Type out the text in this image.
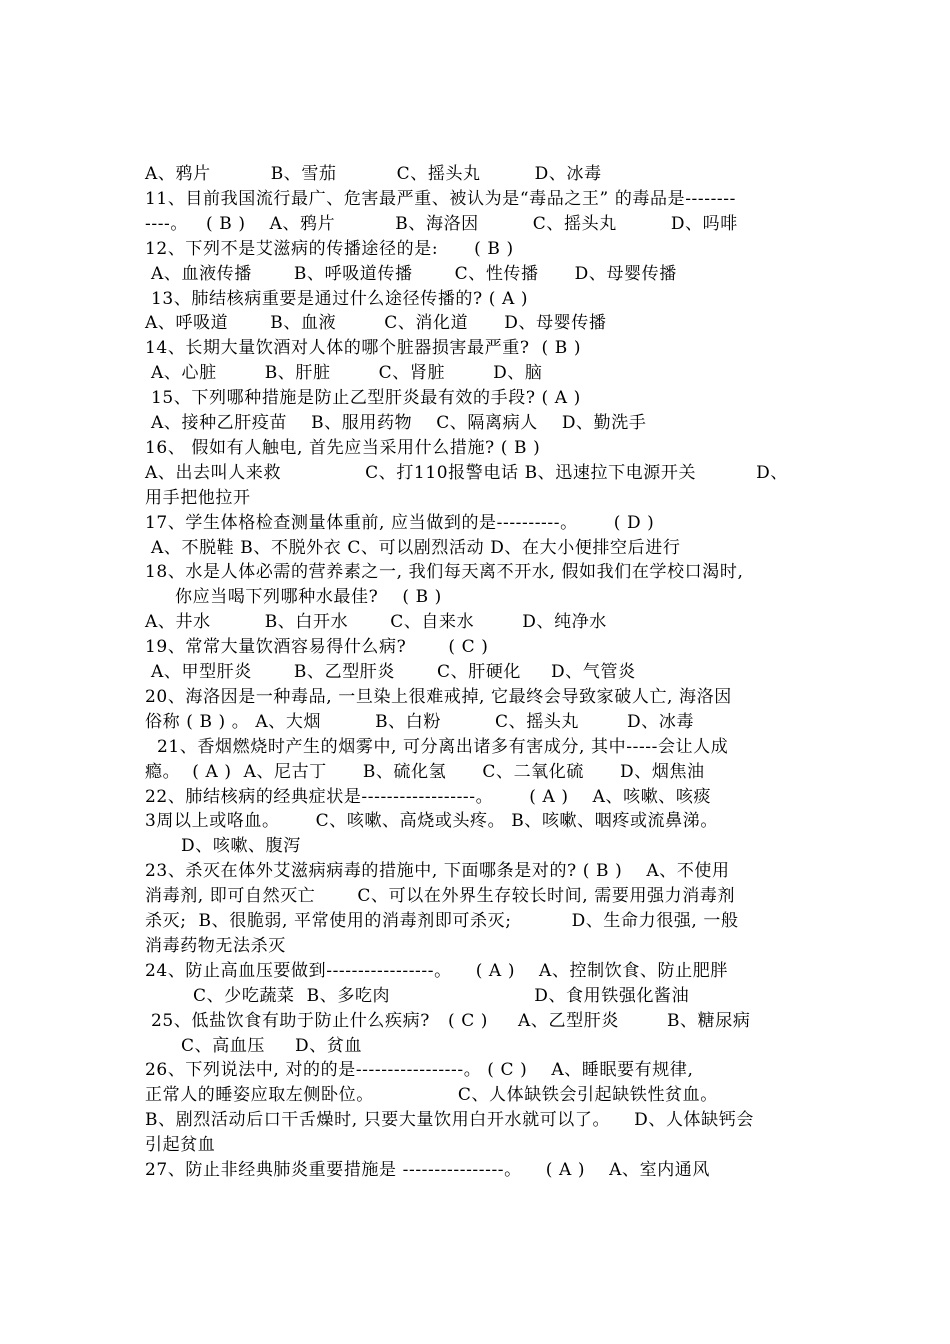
A、鸦片          B、雪茄          C、摇头丸         D、冰毒
11、目前我国流行最广、危害最严重、被认为是“毒品之王” 的毒品是--------
----。   ( B )    A、鸦片          B、海洛因         C、摇头丸         D、吗啡
12、下列不是艾滋病的传播途径的是:      ( B )
A、血液传播       B、呼吸道传播       C、性传播      D、母婴传播
13、肺结核病重要是通过什么途径传播的? ( A )
A、呼吸道       B、血液        C、消化道      D、母婴传播
14、长期大量饮酒对人体的哪个脏器损害最严重?  ( B )
A、心脏        B、肝脏        C、肾脏        D、脑
15、下列哪种措施是防止乙型肝炎最有效的手段? ( A )
A、接种乙肝疫苗    B、服用药物    C、隔离病人    D、勤洗手
16、 假如有人触电, 首先应当采用什么措施? ( B )
A、出去叫人来救              C、打110报警电话 B、迅速拉下电源开关          D、
用手把他拉开
17、学生体格检查测量体重前, 应当做到的是----------。      ( D )
A、不脱鞋 B、不脱外衣 C、可以剧烈活动 D、在大小便排空后进行
18、水是人体必需的营养素之一, 我们每天离不开水, 假如我们在学校口渴时,
你应当喝下列哪种水最佳?    ( B )
A、井水         B、白开水       C、自来水        D、纯净水
19、常常大量饮酒容易得什么病?       ( C )
A、甲型肝炎       B、乙型肝炎       C、肝硬化     D、气管炎
20、海洛因是一种毒品, 一旦染上很难戒掉, 它最终会导致家破人亡, 海洛因
俗称 ( B ) 。 A、大烟         B、白粉         C、摇头丸        D、冰毒
21、香烟燃烧时产生的烟雾中, 可分离出诸多有害成分, 其中-----会让人成
瘾。  ( A )  A、尼古丁      B、硫化氢      C、二氧化硫      D、烟焦油
22、肺结核病的经典症状是------------------。      ( A )    A、咳嗽、咳痰
3周以上或咯血。      C、咳嗽、高烧或头疼。 B、咳嗽、咽疼或流鼻涕。
D、咳嗽、腹泻
23、杀灭在体外艾滋病病毒的措施中, 下面哪条是对的? ( B )    A、不使用
消毒剂, 即可自然灭亡       C、可以在外界生存较长时间, 需要用强力消毒剂
杀灭;  B、很脆弱, 平常使用的消毒剂即可杀灭;          D、生命力很强, 一般
消毒药物无法杀灭
24、防止高血压要做到-----------------。    ( A )    A、控制饮食、防止肥胖
C、少吃蔬菜  B、多吃肉                        D、食用铁强化酱油
25、低盐饮食有助于防止什么疾病?   ( C )     A、乙型肝炎        B、糖尿病
C、高血压     D、贫血
26、下列说法中, 对的的是-----------------。 ( C )    A、睡眠要有规律,
正常人的睡姿应取左侧卧位。              C、人体缺铁会引起缺铁性贫血。
B、剧烈活动后口干舌燥时, 只要大量饮用白开水就可以了。    D、人体缺钙会
引起贫血
27、防止非经典肺炎重要措施是 ----------------。    ( A )    A、室内通风
